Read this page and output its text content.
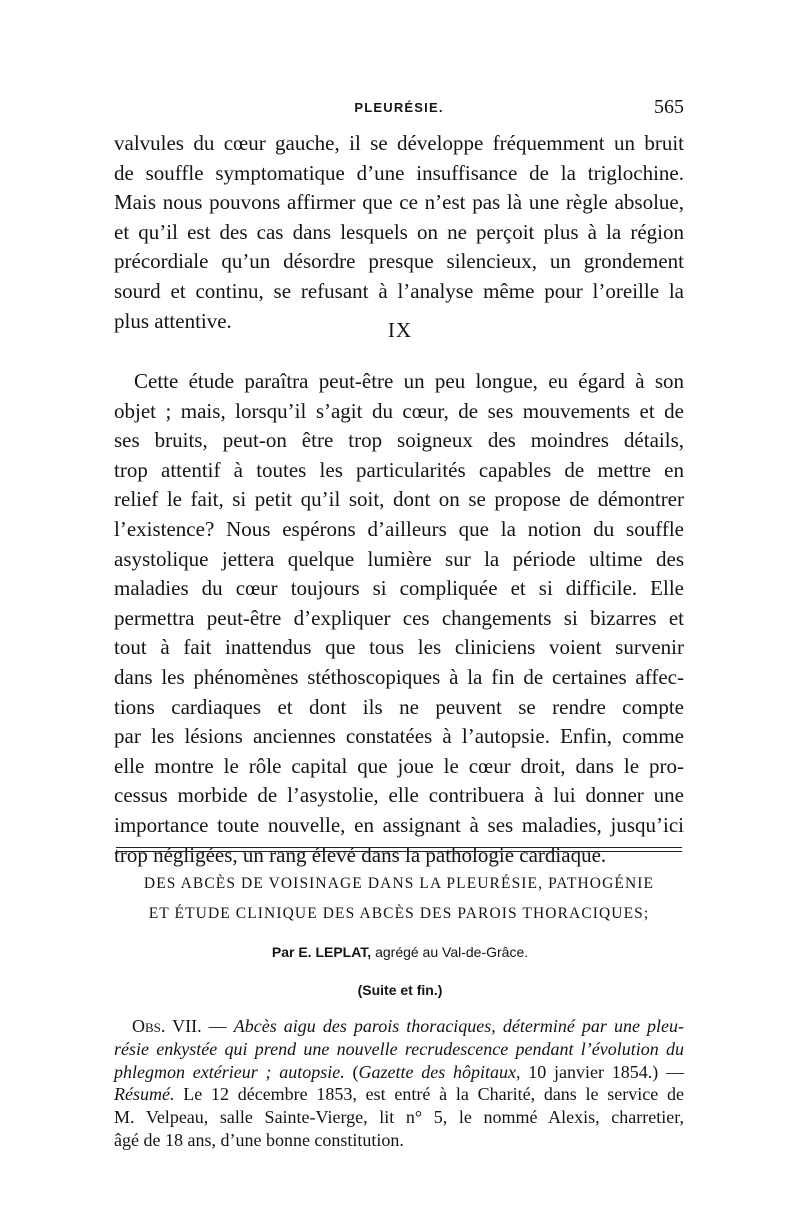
PLEURÉSIE.	565
valvules du cœur gauche, il se développe fréquemment un bruit
de souffle symptomatique d’une insuffisance de la triglochine.
Mais nous pouvons affirmer que ce n’est pas là une règle absolue,
et qu’il est des cas dans lesquels on ne perçoit plus à la région
précordiale qu’un désordre presque silencieux, un grondement
sourd et continu, se refusant à l’analyse même pour l’oreille la
plus attentive.	IX
Cette étude paraîtra peut-être un peu longue, eu égard à son
objet ; mais, lorsqu’il s’agit du cœur, de ses mouvements et de
ses bruits, peut-on être trop soigneux des moindres détails,
trop attentif à toutes les particularités capables de mettre en
relief le fait, si petit qu’il soit, dont on se propose de démontrer
l’existence? Nous espérons d’ailleurs que la notion du souffle
asystolique jettera quelque lumière sur la période ultime des
maladies du cœur toujours si compliquée et si difficile. Elle
permettra peut-être d’expliquer ces changements si bizarres et
tout à fait inattendus que tous les cliniciens voient survenir
dans les phénomènes stéthoscopiques à la fin de certaines affec-
tions cardiaques et dont ils ne peuvent se rendre compte
par les lésions anciennes constatées à l’autopsie. Enfin, comme
elle montre le rôle capital que joue le cœur droit, dans le pro-
cessus morbide de l’asystolie, elle contribuera à lui donner une
importance toute nouvelle, en assignant à ses maladies, jusqu’ici
trop négligées, un rang élevé dans la pathologie cardiaque.
DES ABCÈS DE VOISINAGE DANS LA PLEURÉSIE, PATHOGÉNIE
ET ÉTUDE CLINIQUE DES ABCÈS DES PAROIS THORACIQUES;
Par E. LEPLAT, agrégé au Val-de-Grâce.
(Suite et fin.)
Obs. VII. — Abcès aigu des parois thoraciques, déterminé par une pleu-
résie enkystée qui prend une nouvelle recrudescence pendant l’évolution du
phlegmon extérieur ; autopsie. (Gazette des hôpitaux, 10 janvier 1854.) —
Résumé. Le 12 décembre 1853, est entré à la Charité, dans le service de
M. Velpeau, salle Sainte-Vierge, lit n° 5, le nommé Alexis, charretier,
âgé de 18 ans, d’une bonne constitution.
